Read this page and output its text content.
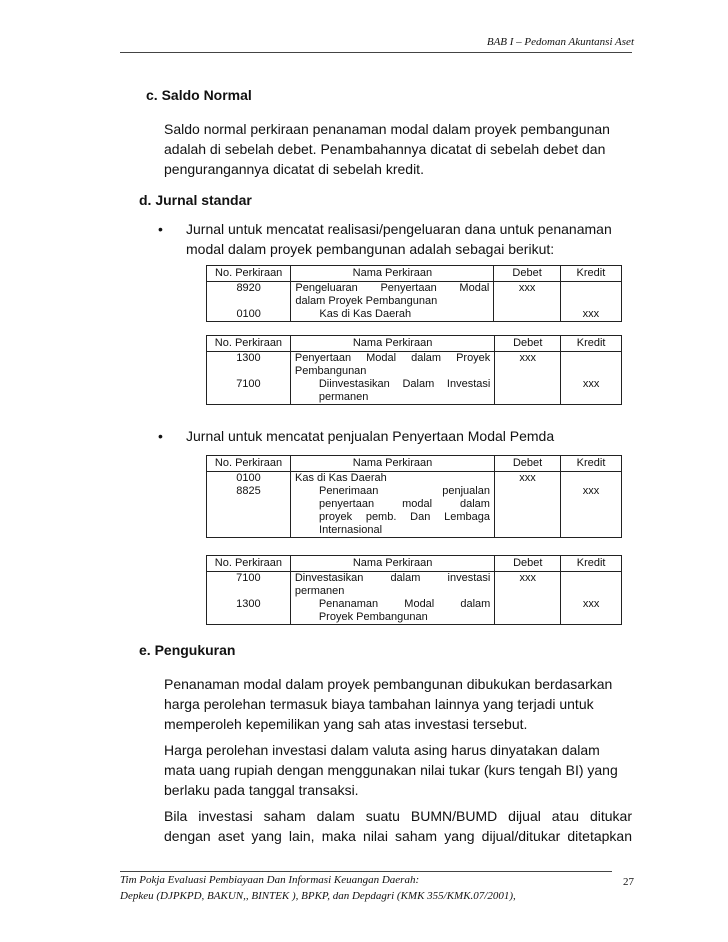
BAB I – Pedoman Akuntansi Aset
c. Saldo Normal
Saldo normal perkiraan penanaman modal dalam proyek pembangunan
adalah di sebelah debet. Penambahannya dicatat di sebelah debet dan
pengurangannya dicatat di sebelah kredit.
d. Jurnal standar
• Jurnal untuk mencatat realisasi/pengeluaran dana untuk penanaman
modal dalam proyek pembangunan adalah sebagai berikut:
No. Perkiraan	Nama Perkiraan	Debet	Kredit
8920	Pengeluaran Penyertaan Modal	xxx	
	dalam Proyek Pembangunan		
0100	Kas di Kas Daerah		xxx
No. Perkiraan	Nama Perkiraan	Debet	Kredit
1300	Penyertaan Modal dalam Proyek	xxx	
	Pembangunan		
7100	Diinvestasikan Dalam Investasi		xxx
	permanen		
• Jurnal untuk mencatat penjualan Penyertaan Modal Pemda
No. Perkiraan	Nama Perkiraan	Debet	Kredit
0100	Kas di Kas Daerah	xxx	
8825	Penerimaan penjualan		xxx
	penyertaan modal dalam		
	proyek pemb. Dan Lembaga		
	Internasional		
No. Perkiraan	Nama Perkiraan	Debet	Kredit
7100	Dinvestasikan dalam investasi	xxx	
	permanen		
1300	Penanaman Modal dalam		xxx
	Proyek Pembangunan		
e. Pengukuran
Penanaman modal dalam proyek pembangunan dibukukan berdasarkan
harga perolehan termasuk biaya tambahan lainnya yang terjadi untuk
memperoleh kepemilikan yang sah atas investasi tersebut.
Harga perolehan investasi dalam valuta asing harus dinyatakan dalam
mata uang rupiah dengan menggunakan nilai tukar (kurs tengah BI) yang
berlaku pada tanggal transaksi.
Bila investasi saham dalam suatu BUMN/BUMD dijual atau ditukar
dengan aset yang lain, maka nilai saham yang dijual/ditukar ditetapkan
Tim Pokja Evaluasi Pembiayaan Dan Informasi Keuangan Daerah:
Depkeu (DJPKPD, BAKUN,, BINTEK ), BPKP, dan Depdagri (KMK 355/KMK.07/2001),
27
